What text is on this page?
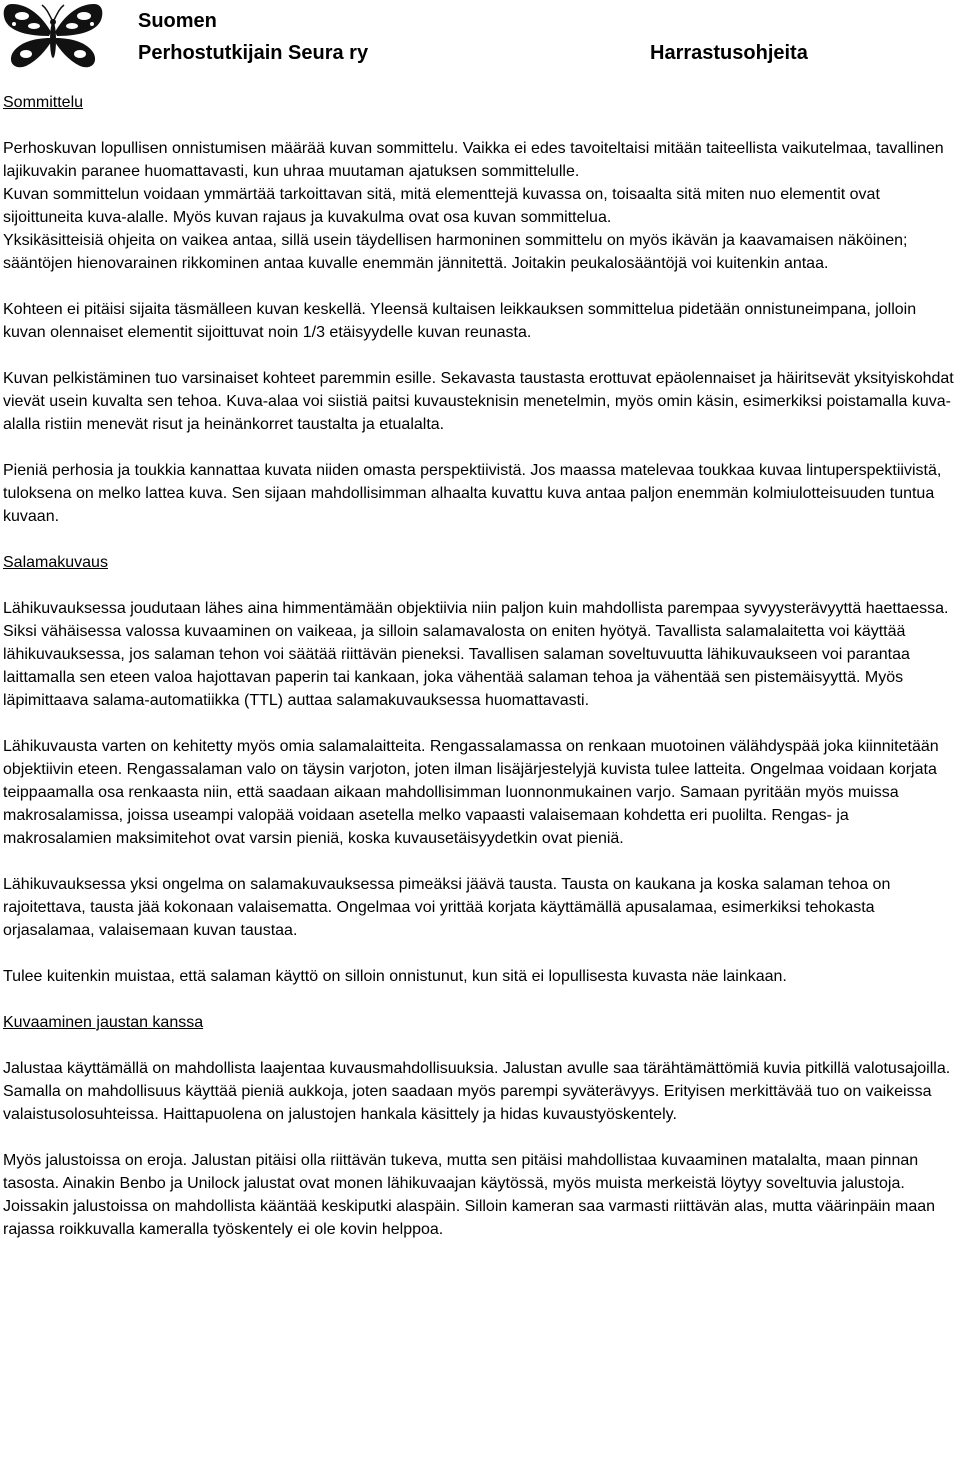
Suomen
Perhostutkijain Seura ry	Harrastusohjeita
Sommittelu
Perhoskuvan lopullisen onnistumisen määrää kuvan sommittelu. Vaikka ei edes tavoiteltaisi mitään taiteellista vaikutelmaa, tavallinen lajikuvakin paranee huomattavasti, kun uhraa muutaman ajatuksen sommittelulle.
Kuvan sommittelun voidaan ymmärtää tarkoittavan sitä, mitä elementtejä kuvassa on, toisaalta sitä miten nuo elementit ovat sijoittuneita kuva-alalle. Myös kuvan rajaus ja kuvakulma ovat osa kuvan sommittelua.
Yksikäsitteisiä ohjeita on vaikea antaa, sillä usein täydellisen harmoninen sommittelu on myös ikävän ja kaavamaisen näköinen; sääntöjen hienovarainen rikkominen antaa kuvalle enemmän jännitettä. Joitakin peukalosääntöjä voi kuitenkin antaa.
Kohteen ei pitäisi sijaita täsmälleen kuvan keskellä. Yleensä kultaisen leikkauksen sommittelua pidetään onnistuneimpana, jolloin kuvan olennaiset elementit sijoittuvat noin 1/3 etäisyydelle kuvan reunasta.
Kuvan pelkistäminen tuo varsinaiset kohteet paremmin esille. Sekavasta taustasta erottuvat epäolennaiset ja häiritsevät yksityiskohdat vievät usein kuvalta sen tehoa. Kuva-alaa voi siistiä paitsi kuvausteknisin menetelmin, myös omin käsin, esimerkiksi poistamalla kuva-alalla ristiin menevät risut ja heinänkorret taustalta ja etualalta.
Pieniä perhosia ja toukkia kannattaa kuvata niiden omasta perspektiivistä. Jos maassa matelevaa toukkaa kuvaa lintuperspektiivistä, tuloksena on melko lattea kuva. Sen sijaan mahdollisimman alhaalta kuvattu kuva antaa paljon enemmän kolmiulotteisuuden tuntua kuvaan.
Salamakuvaus
Lähikuvauksessa joudutaan lähes aina himmentämään objektiivia niin paljon kuin mahdollista parempaa syvyysterävyyttä haettaessa. Siksi vähäisessa valossa kuvaaminen on vaikeaa, ja silloin salamavalosta on eniten hyötyä. Tavallista salamalaitetta voi käyttää lähikuvauksessa, jos salaman tehon voi säätää riittävän pieneksi. Tavallisen salaman soveltuvuutta lähikuvaukseen voi parantaa laittamalla sen eteen valoa hajottavan paperin tai kankaan, joka vähentää salaman tehoa ja vähentää sen pistemäisyyttä. Myös läpimittaava salama-automatiikka (TTL) auttaa salamakuvauksessa huomattavasti.
Lähikuvausta varten on kehitetty myös omia salamalaitteita. Rengassalamassa on renkaan muotoinen välähdyspää joka kiinnitetään objektiivin eteen. Rengassalaman valo on täysin varjoton, joten ilman lisäjärjestelyjä kuvista tulee latteita. Ongelmaa voidaan korjata teippaamalla osa renkaasta niin, että saadaan aikaan mahdollisimman luonnonmukainen varjo. Samaan pyritään myös muissa makrosalamissa, joissa useampi valopää voidaan asetella melko vapaasti valaisemaan kohdetta eri puolilta. Rengas- ja makrosalamien maksimitehot ovat varsin pieniä, koska kuvausetäisyydetkin ovat pieniä.
Lähikuvauksessa yksi ongelma on salamakuvauksessa pimeäksi jäävä tausta. Tausta on kaukana ja koska salaman tehoa on rajoitettava, tausta jää kokonaan valaisematta. Ongelmaa voi yrittää korjata käyttämällä apusalamaa, esimerkiksi tehokasta orjasalamaa, valaisemaan kuvan taustaa.
Tulee kuitenkin muistaa, että salaman käyttö on silloin onnistunut, kun sitä ei lopullisesta kuvasta näe lainkaan.
Kuvaaminen jaustan kanssa
Jalustaa käyttämällä on mahdollista laajentaa kuvausmahdollisuuksia. Jalustan avulle saa tärähtämättömiä kuvia pitkillä valotusajoilla. Samalla on mahdollisuus käyttää pieniä aukkoja, joten saadaan myös parempi syväterävyys. Erityisen merkittävää tuo on vaikeissa valaistusolosuhteissa. Haittapuolena on jalustojen hankala käsittely ja hidas kuvaustyöskentely.
Myös jalustoissa on eroja. Jalustan pitäisi olla riittävän tukeva, mutta sen pitäisi mahdollistaa kuvaaminen matalalta, maan pinnan tasosta. Ainakin Benbo ja Unilock jalustat ovat monen lähikuvaajan käytössä, myös muista merkeistä löytyy soveltuvia jalustoja. Joissakin jalustoissa on mahdollista kääntää keskiputki alaspäin. Silloin kameran saa varmasti riittävän alas, mutta väärinpäin maan rajassa roikkuvalla kameralla työskentely ei ole kovin helppoa.
